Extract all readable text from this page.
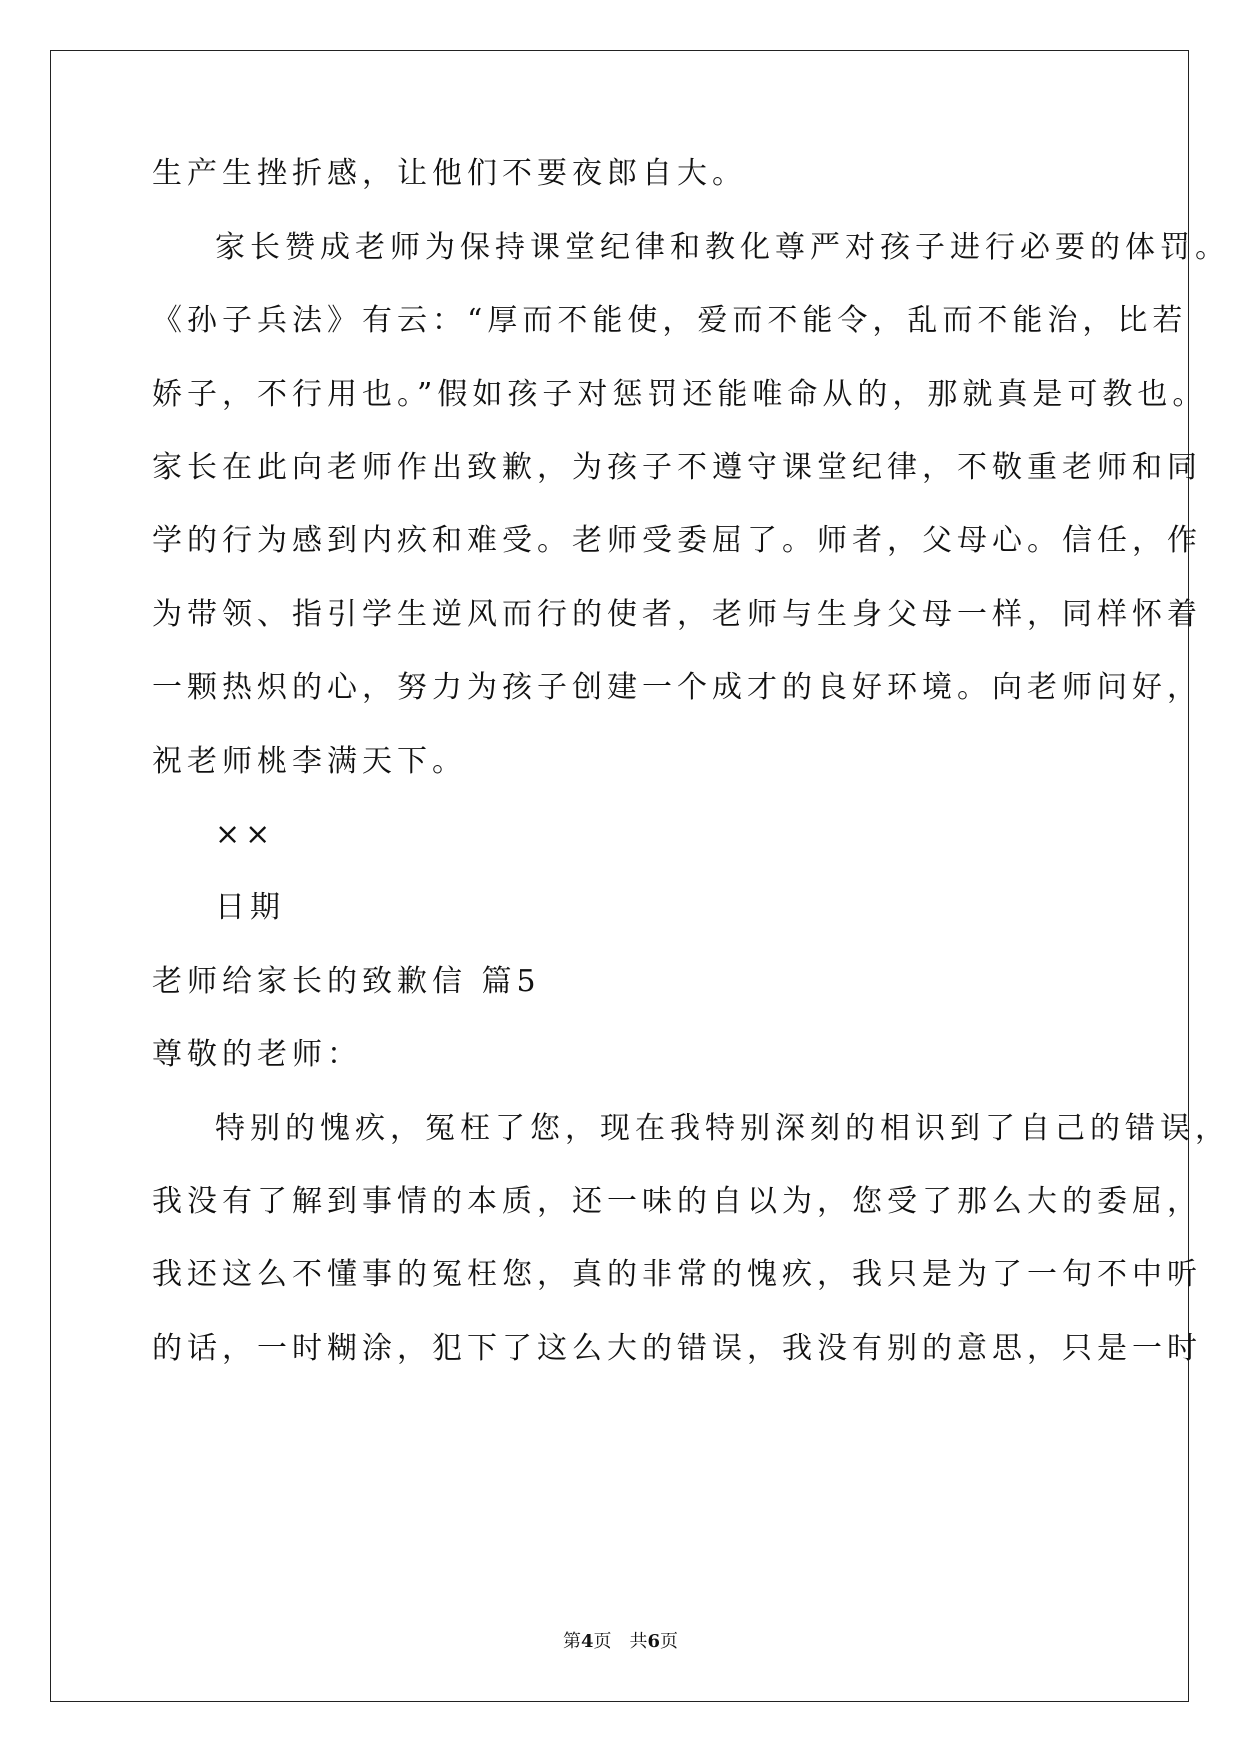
生产生挫折感，让他们不要夜郎自大。
家长赞成老师为保持课堂纪律和教化尊严对孩子进行必要的体罚。
《孙子兵法》有云：“厚而不能使，爱而不能令，乱而不能治，比若
娇子，不行用也。”假如孩子对惩罚还能唯命从的，那就真是可教也。
家长在此向老师作出致歉，为孩子不遵守课堂纪律，不敬重老师和同
学的行为感到内疚和难受。老师受委屈了。师者，父母心。信任，作
为带领、指引学生逆风而行的使者，老师与生身父母一样，同样怀着
一颗热炽的心，努力为孩子创建一个成才的良好环境。向老师问好，
祝老师桃李满天下。
××
日期
老师给家长的致歉信 篇5
尊敬的老师：
特别的愧疚，冤枉了您，现在我特别深刻的相识到了自己的错误，
我没有了解到事情的本质，还一味的自以为，您受了那么大的委屈，
我还这么不懂事的冤枉您，真的非常的愧疚，我只是为了一句不中听
的话，一时糊涂，犯下了这么大的错误，我没有别的意思，只是一时
第4页 共6页
